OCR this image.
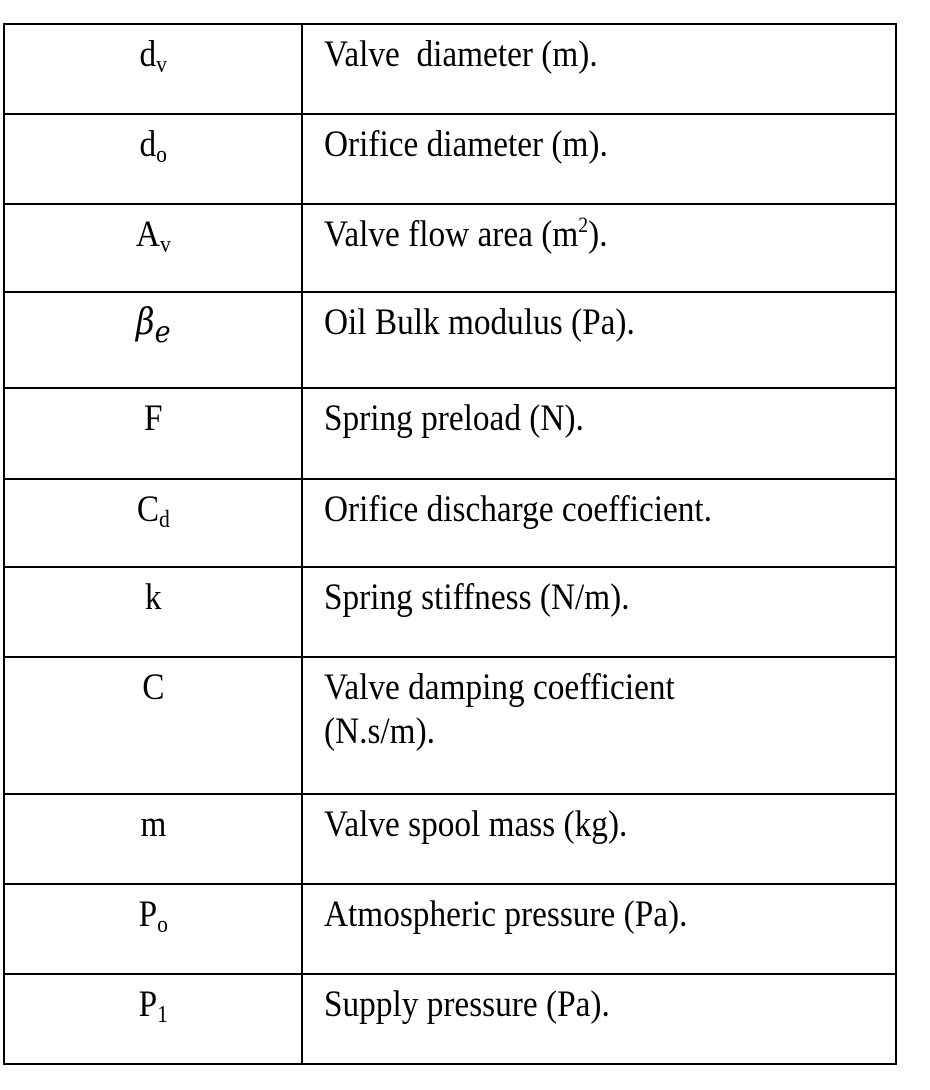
$d_v$	Valve  diameter (m).
$d_o$	Orifice diameter (m).
$A_v$	Valve flow area $(m^2)$.
$\beta_e$	Oil Bulk modulus (Pa).
F	Spring preload (N).
$C_d$	Orifice discharge coefficient.
k	Spring stiffness (N/m).
C	Valve damping coefficient
(N.s/m).
m	Valve spool mass (kg).
$P_o$	Atmospheric pressure (Pa).
$P_1$	Supply pressure (Pa).
